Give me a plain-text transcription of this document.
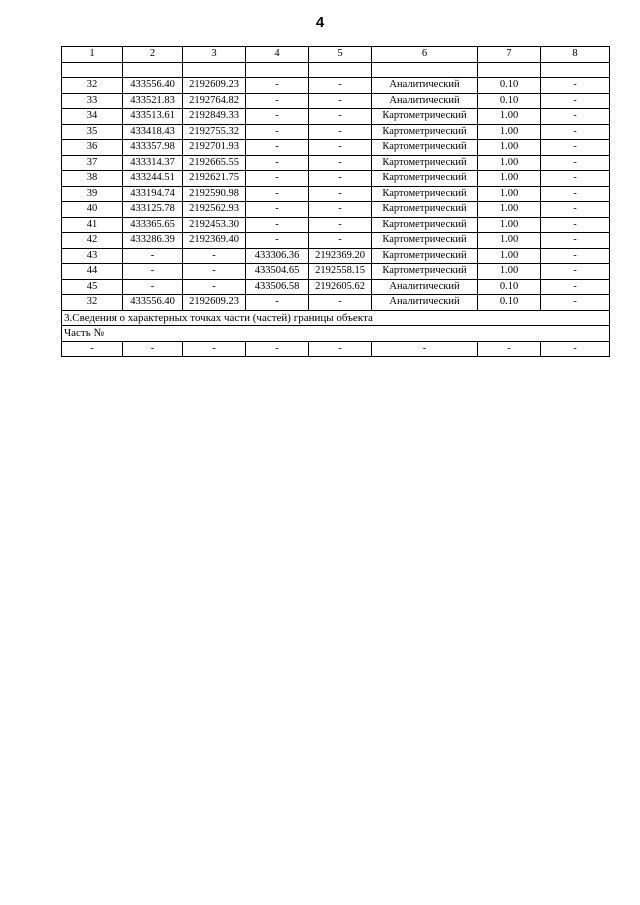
4
1	2	3	4	5	6	7	8

32	433556.40	2192609.23	-	-	Аналитический	0.10	-
33	433521.83	2192764.82	-	-	Аналитический	0.10	-
34	433513.61	2192849.33	-	-	Картометрический	1.00	-
35	433418.43	2192755.32	-	-	Картометрический	1.00	-
36	433357.98	2192701.93	-	-	Картометрический	1.00	-
37	433314.37	2192665.55	-	-	Картометрический	1.00	-
38	433244.51	2192621.75	-	-	Картометрический	1.00	-
39	433194.74	2192590.98	-	-	Картометрический	1.00	-
40	433125.78	2192562.93	-	-	Картометрический	1.00	-
41	433365.65	2192453.30	-	-	Картометрический	1.00	-
42	433286.39	2192369.40	-	-	Картометрический	1.00	-
43	-	-	433306.36	2192369.20	Картометрический	1.00	-
44	-	-	433504.65	2192558.15	Картометрический	1.00	-
45	-	-	433506.58	2192605.62	Аналитический	0.10	-
32	433556.40	2192609.23	-	-	Аналитический	0.10	-
3.Сведения о характерных точках части (частей) границы объекта							
Часть №							
-	-	-	-	-	-	-	-
